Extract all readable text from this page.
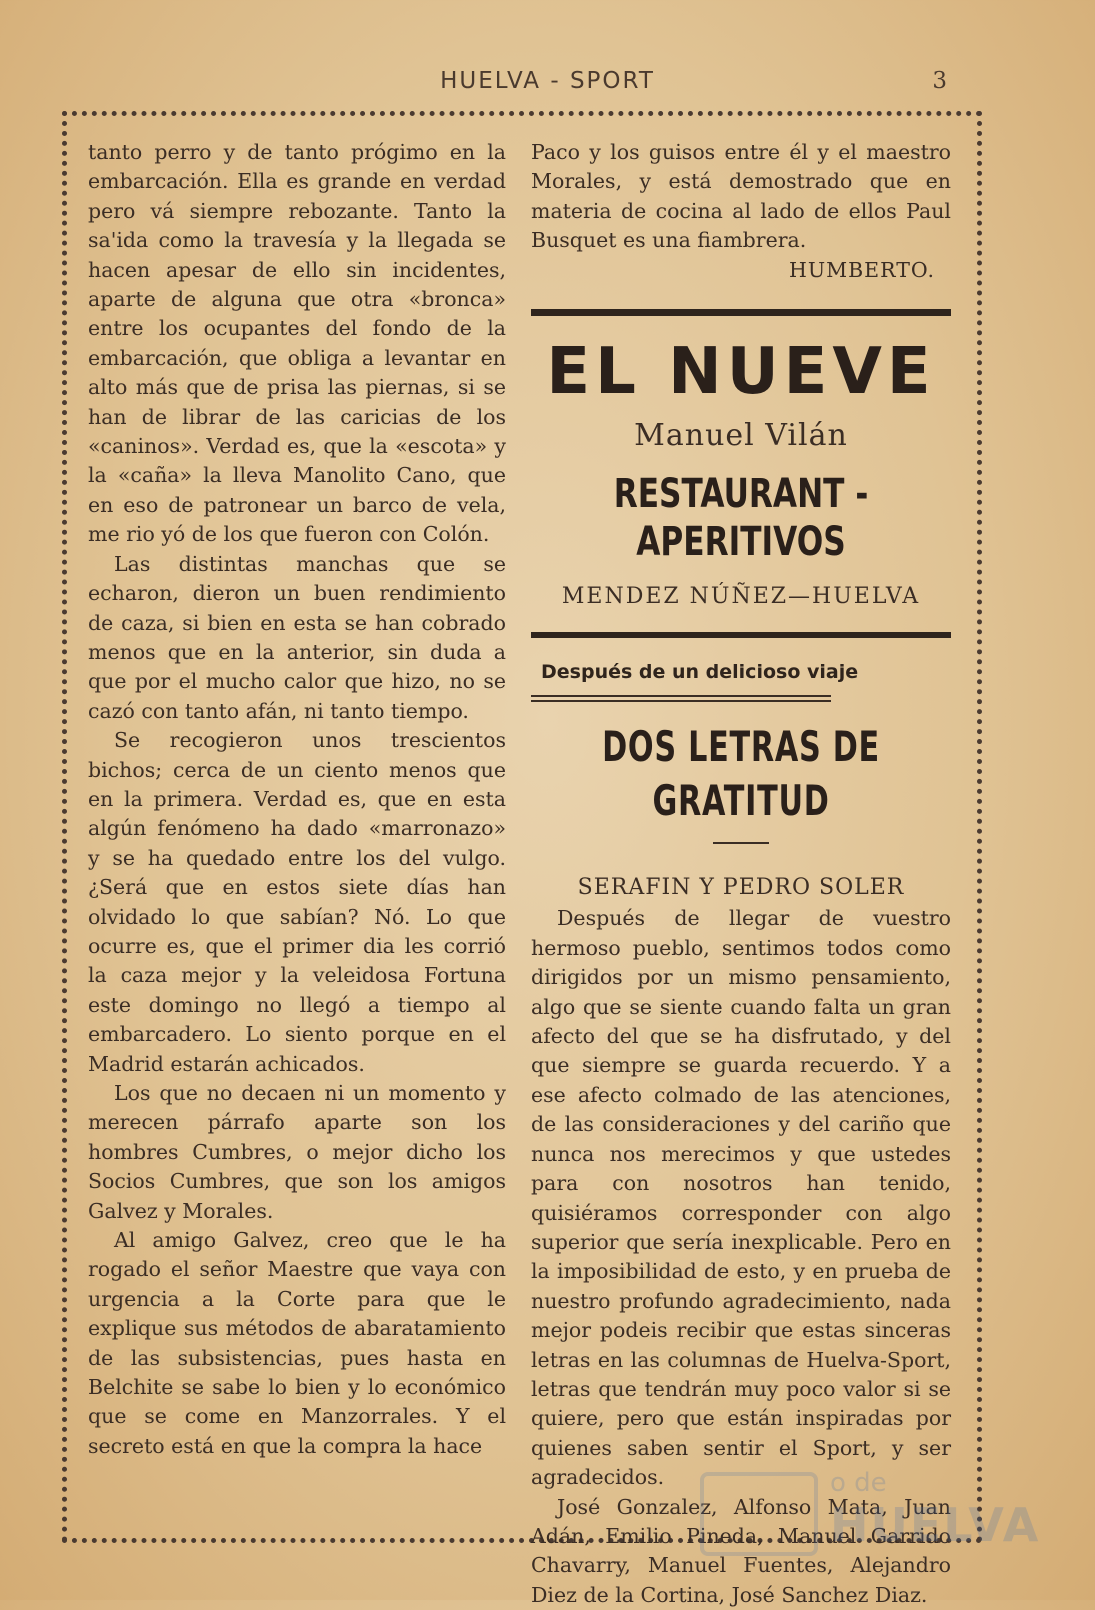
HUELVA - SPORT	3

tanto perro y de tanto prógimo en la embarcación. Ella es grande en verdad pero vá siempre rebozante. Tanto la sa'ida como la travesía y la llegada se hacen apesar de ello sin incidentes, aparte de alguna que otra «bronca» entre los ocupantes del fondo de la embarcación, que obliga a levantar en alto más que de prisa las piernas, si se han de librar de las caricias de los «caninos». Verdad es, que la «escota» y la «caña» la lleva Manolito Cano, que en eso de patronear un barco de vela, me rio yó de los que fueron con Colón.

Las distintas manchas que se echaron, dieron un buen rendimiento de caza, si bien en esta se han cobrado menos que en la anterior, sin duda a que por el mucho calor que hizo, no se cazó con tanto afán, ni tanto tiempo.

Se recogieron unos trescientos bichos; cerca de un ciento menos que en la primera. Verdad es, que en esta algún fenómeno ha dado «marronazo» y se ha quedado entre los del vulgo. ¿Será que en estos siete días han olvidado lo que sabían? Nó. Lo que ocurre es, que el primer dia les corrió la caza mejor y la veleidosa Fortuna este domingo no llegó a tiempo al embarcadero. Lo siento porque en el Madrid estarán achicados.

Los que no decaen ni un momento y merecen párrafo aparte son los hombres Cumbres, o mejor dicho los Socios Cumbres, que son los amigos Galvez y Morales.

Al amigo Galvez, creo que le ha rogado el señor Maestre que vaya con urgencia a la Corte para que le explique sus métodos de abaratamiento de las subsistencias, pues hasta en Belchite se sabe lo bien y lo económico que se come en Manzorrales. Y el secreto está en que la compra la hace

Paco y los guisos entre él y el maestro Morales, y está demostrado que en materia de cocina al lado de ellos Paul Busquet es una fiambrera.

HUMBERTO.

EL NUEVE
Manuel Vilán
RESTAURANT - APERITIVOS
MENDEZ NÚÑEZ—HUELVA
Después de un delicioso viaje
DOS LETRAS DE GRATITUD
SERAFIN Y PEDRO SOLER

Después de llegar de vuestro hermoso pueblo, sentimos todos como dirigidos por un mismo pensamiento, algo que se siente cuando falta un gran afecto del que se ha disfrutado, y del que siempre se guarda recuerdo. Y a ese afecto colmado de las atenciones, de las consideraciones y del cariño que nunca nos merecimos y que ustedes para con nosotros han tenido, quisiéramos corresponder con algo superior que sería inexplicable. Pero en la imposibilidad de esto, y en prueba de nuestro profundo agradecimiento, nada mejor podeis recibir que estas sinceras letras en las columnas de Huelva-Sport, letras que tendrán muy poco valor si se quiere, pero que están inspiradas por quienes saben sentir el Sport, y ser agradecidos.

José Gonzalez, Alfonso Mata, Juan Adán, Emilio Pineda, Manuel Garrido Chavarry, Manuel Fuentes, Alejandro Diez de la Cortina, José Sanchez Diaz.

o de
HUELVA
